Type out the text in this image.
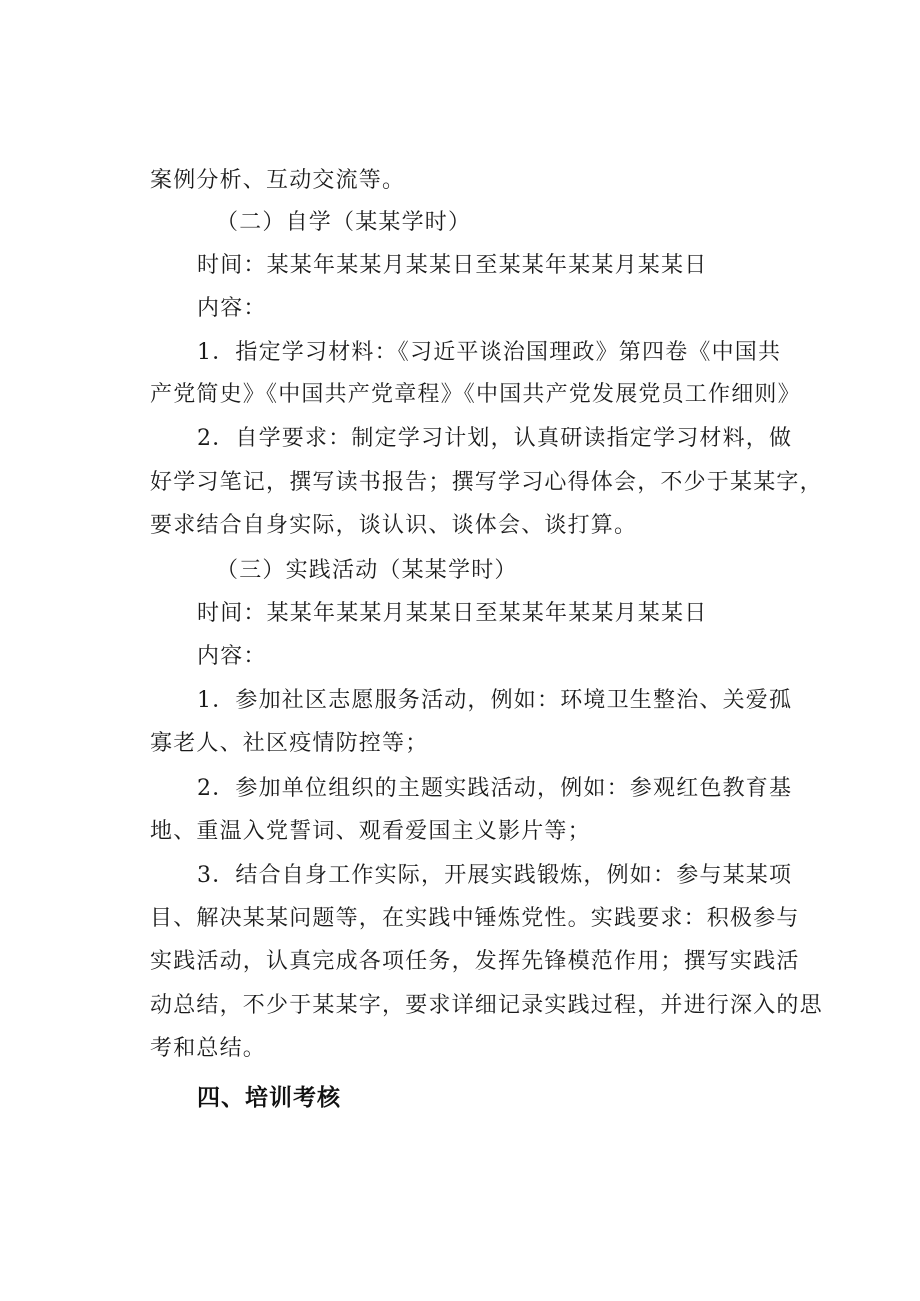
案例分析、互动交流等。
（二）自学（某某学时）
时间：某某年某某月某某日至某某年某某月某某日
内容：
1．指定学习材料：《习近平谈治国理政》第四卷《中国共
产党简史》《中国共产党章程》《中国共产党发展党员工作细则》
2．自学要求：制定学习计划，认真研读指定学习材料，做
好学习笔记，撰写读书报告；撰写学习心得体会，不少于某某字，
要求结合自身实际，谈认识、谈体会、谈打算。
（三）实践活动（某某学时）
时间：某某年某某月某某日至某某年某某月某某日
内容：
1．参加社区志愿服务活动，例如：环境卫生整治、关爱孤
寡老人、社区疫情防控等；
2．参加单位组织的主题实践活动，例如：参观红色教育基
地、重温入党誓词、观看爱国主义影片等；
3．结合自身工作实际，开展实践锻炼，例如：参与某某项
目、解决某某问题等，在实践中锤炼党性。实践要求：积极参与
实践活动，认真完成各项任务，发挥先锋模范作用；撰写实践活
动总结，不少于某某字，要求详细记录实践过程，并进行深入的思
考和总结。
四、培训考核
